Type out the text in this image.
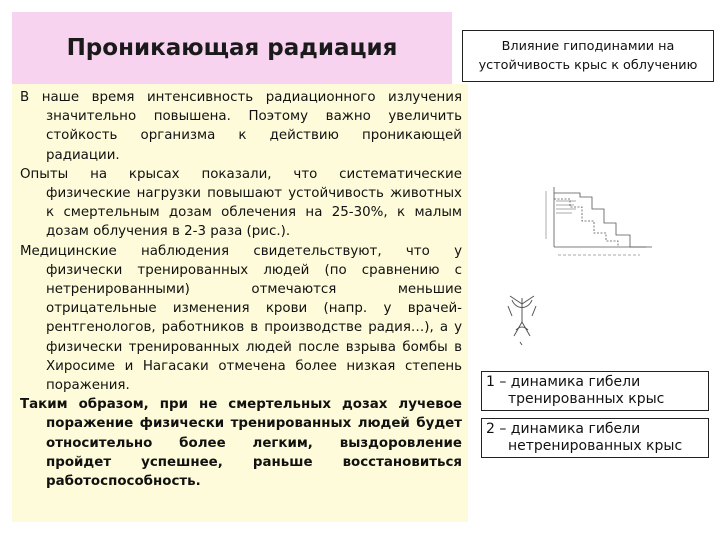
Проникающая радиация

В наше время интенсивность радиационного излучения значительно повышена. Поэтому важно увеличить стойкость организма к действию проникающей радиации.

Опыты на крысах показали, что систематические физические нагрузки повышают устойчивость животных к смертельным дозам облечения на 25-30%, к малым дозам облучения в 2-3 раза (рис.).

Медицинские наблюдения свидетельствуют, что у физически тренированных людей (по сравнению с нетренированными) отмечаются меньшие отрицательные изменения крови (напр. у врачей-рентгенологов, работников в производстве радия…), а у физически тренированных людей после взрыва бомбы в Хиросиме и Нагасаки отмечена более низкая степень поражения.

Таким образом, при не смертельных дозах лучевое поражение физически тренированных людей будет относительно более легким, выздоровление пройдет успешнее, раньше восстановиться работоспособность.

Влияние гиподинамии на устойчивость крыс к облучению
1 – динамика гибели
тренированных крыс
2 – динамика гибели
нетренированных крыс
